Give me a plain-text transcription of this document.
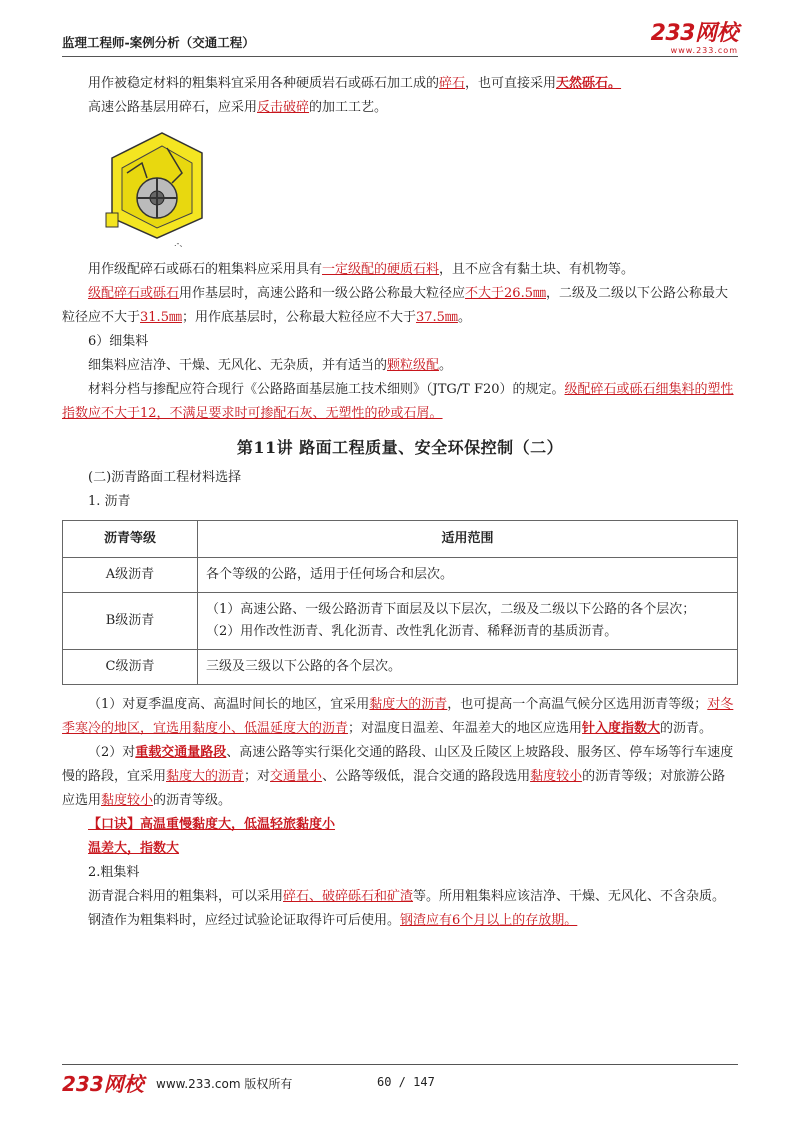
监理工程师-案例分析（交通工程）	233网校
www.233.com

用作被稳定材料的粗集料宜采用各种硬质岩石或砾石加工成的碎石，也可直接采用天然砾石。

高速公路基层用碎石，应采用反击破碎的加工工艺。

.-、

用作级配碎石或砾石的粗集料应采用具有一定级配的硬质石料，且不应含有黏土块、有机物等。

级配碎石或砾石用作基层时，高速公路和一级公路公称最大粒径应不大于26.5㎜，二级及二级以下公路公称最大粒径应不大于31.5㎜；用作底基层时，公称最大粒径应不大于37.5㎜。

6）细集料

细集料应洁净、干燥、无风化、无杂质，并有适当的颗粒级配。

材料分档与掺配应符合现行《公路路面基层施工技术细则》（JTG/T F20）的规定。级配碎石或砾石细集料的塑性指数应不大于12，不满足要求时可掺配石灰、无塑性的砂或石屑。

第11讲 路面工程质量、安全环保控制（二）

(二)沥青路面工程材料选择

1. 沥青

沥青等级	适用范围
A级沥青	各个等级的公路，适用于任何场合和层次。
B级沥青	（1）高速公路、一级公路沥青下面层及以下层次，二级及二级以下公路的各个层次；
（2）用作改性沥青、乳化沥青、改性乳化沥青、稀释沥青的基质沥青。

C级沥青	三级及三级以下公路的各个层次。

（1）对夏季温度高、高温时间长的地区，宜采用黏度大的沥青，也可提高一个高温气候分区选用沥青等级；对冬季寒冷的地区，宜选用黏度小、低温延度大的沥青；对温度日温差、年温差大的地区应选用针入度指数大的沥青。

（2）对重载交通量路段、高速公路等实行渠化交通的路段、山区及丘陵区上坡路段、服务区、停车场等行车速度慢的路段，宜采用黏度大的沥青；对交通量小、公路等级低，混合交通的路段选用黏度较小的沥青等级；对旅游公路应选用黏度较小的沥青等级。

【口诀】高温重慢黏度大，低温轻旅黏度小

温差大，指数大

2.粗集料

沥青混合料用的粗集料，可以采用碎石、破碎砾石和矿渣等。所用粗集料应该洁净、干燥、无风化、不含杂质。

钢渣作为粗集料时，应经过试验论证取得许可后使用。钢渣应有6个月以上的存放期。

233网校 www.233.com 版权所有	60 / 147
